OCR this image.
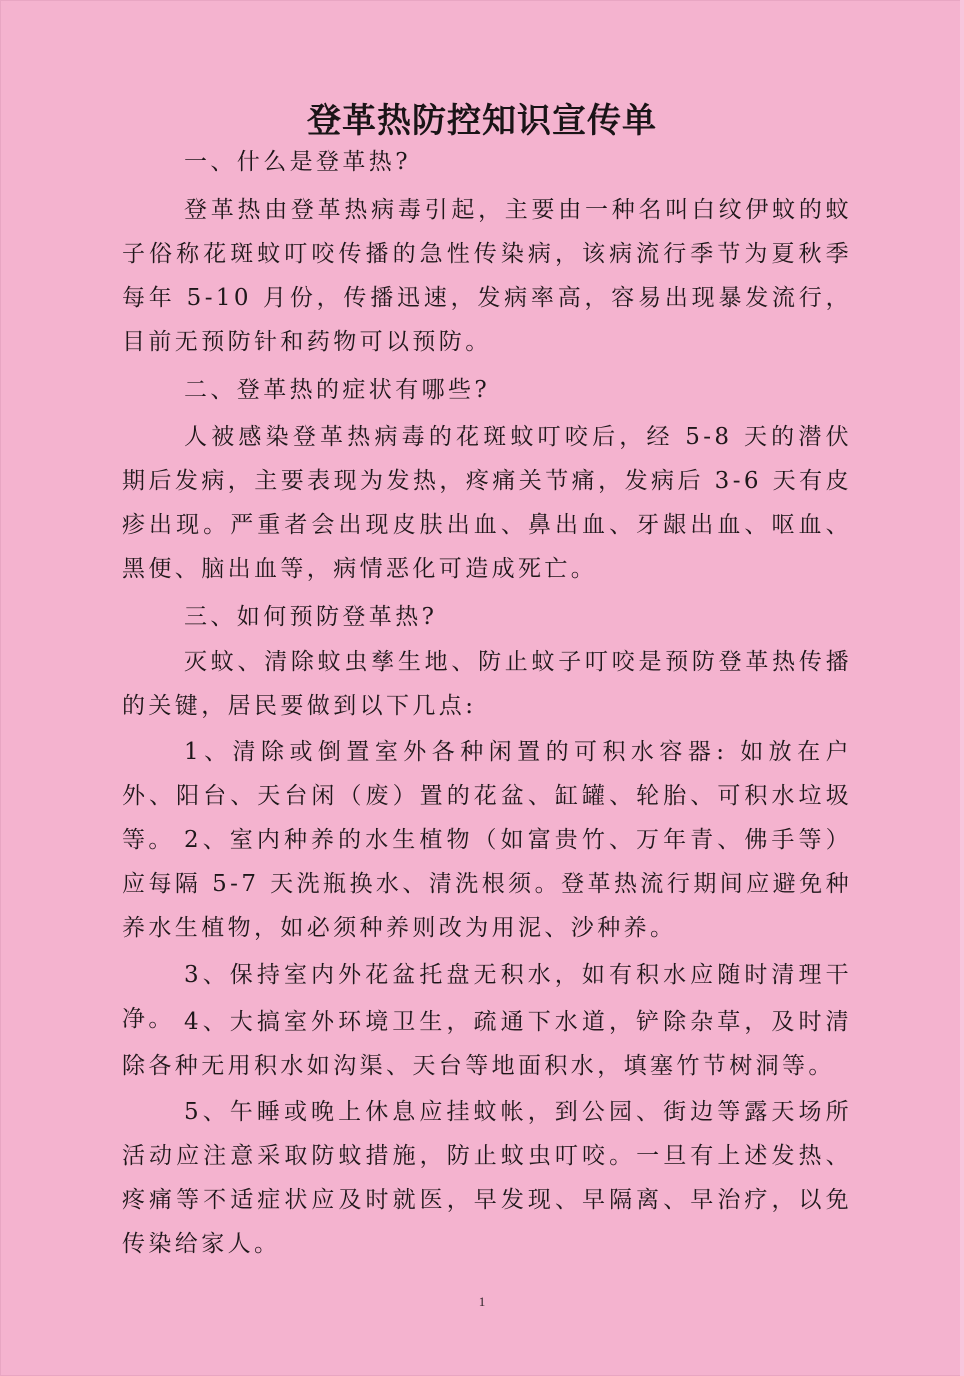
登革热防控知识宣传单

一、什么是登革热?

登革热由登革热病毒引起，主要由一种名叫白纹伊蚊的蚊子俗称花斑蚊叮咬传播的急性传染病，该病流行季节为夏秋季每年 5-10 月份，传播迅速，发病率高，容易出现暴发流行，目前无预防针和药物可以预防。

二、登革热的症状有哪些?

人被感染登革热病毒的花斑蚊叮咬后，经 5-8 天的潜伏期后发病，主要表现为发热，疼痛关节痛，发病后 3-6 天有皮疹出现。严重者会出现皮肤出血、鼻出血、牙龈出血、呕血、黑便、脑出血等，病情恶化可造成死亡。

三、如何预防登革热?

灭蚊、清除蚊虫孳生地、防止蚊子叮咬是预防登革热传播的关键，居民要做到以下几点:

1、清除或倒置室外各种闲置的可积水容器: 如放在户外、阳台、天台闲（废）置的花盆、缸罐、轮胎、可积水垃圾等。 2、室内种养的水生植物（如富贵竹、万年青、佛手等）应每隔 5-7 天洗瓶换水、清洗根须。登革热流行期间应避免种养水生植物，如必须种养则改为用泥、沙种养。

3、保持室内外花盆托盘无积水，如有积水应随时清理干净。 4、大搞室外环境卫生，疏通下水道，铲除杂草，及时清除各种无用积水如沟渠、天台等地面积水，填塞竹节树洞等。

5、午睡或晚上休息应挂蚊帐，到公园、街边等露天场所活动应注意采取防蚊措施，防止蚊虫叮咬。一旦有上述发热、疼痛等不适症状应及时就医，早发现、早隔离、早治疗，以免传染给家人。

1
